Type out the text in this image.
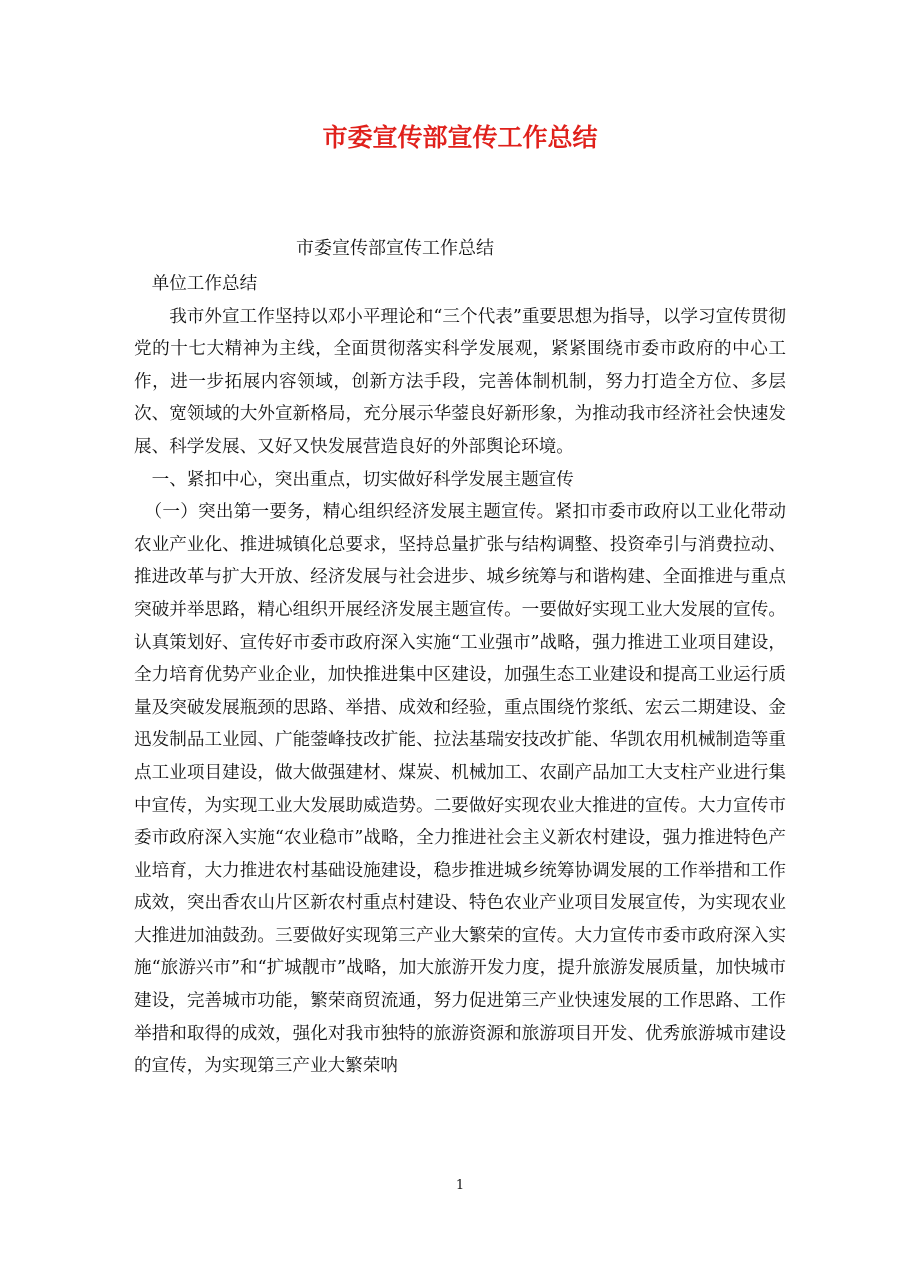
市委宣传部宣传工作总结
市委宣传部宣传工作总结

单位工作总结

我市外宣工作坚持以邓小平理论和“三个代表”重要思想为指导，以学习宣传贯彻党的十七大精神为主线，全面贯彻落实科学发展观，紧紧围绕市委市政府的中心工作，进一步拓展内容领域，创新方法手段，完善体制机制，努力打造全方位、多层次、宽领域的大外宣新格局，充分展示华蓥良好新形象，为推动我市经济社会快速发展、科学发展、又好又快发展营造良好的外部舆论环境。

一、紧扣中心，突出重点，切实做好科学发展主题宣传

（一）突出第一要务，精心组织经济发展主题宣传。紧扣市委市政府以工业化带动农业产业化、推进城镇化总要求，坚持总量扩张与结构调整、投资牵引与消费拉动、推进改革与扩大开放、经济发展与社会进步、城乡统筹与和谐构建、全面推进与重点突破并举思路，精心组织开展经济发展主题宣传。一要做好实现工业大发展的宣传。认真策划好、宣传好市委市政府深入实施“工业强市”战略，强力推进工业项目建设，全力培育优势产业企业，加快推进集中区建设，加强生态工业建设和提高工业运行质量及突破发展瓶颈的思路、举措、成效和经验，重点围绕竹浆纸、宏云二期建设、金迅发制品工业园、广能蓥峰技改扩能、拉法基瑞安技改扩能、华凯农用机械制造等重点工业项目建设，做大做强建材、煤炭、机械加工、农副产品加工大支柱产业进行集中宣传，为实现工业大发展助威造势。二要做好实现农业大推进的宣传。大力宣传市委市政府深入实施“农业稳市”战略，全力推进社会主义新农村建设，强力推进特色产业培育，大力推进农村基础设施建设，稳步推进城乡统筹协调发展的工作举措和工作成效，突出香农山片区新农村重点村建设、特色农业产业项目发展宣传，为实现农业大推进加油鼓劲。三要做好实现第三产业大繁荣的宣传。大力宣传市委市政府深入实施“旅游兴市”和“扩城靓市”战略，加大旅游开发力度，提升旅游发展质量，加快城市建设，完善城市功能，繁荣商贸流通，努力促进第三产业快速发展的工作思路、工作举措和取得的成效，强化对我市独特的旅游资源和旅游项目开发、优秀旅游城市建设的宣传，为实现第三产业大繁荣呐

1
